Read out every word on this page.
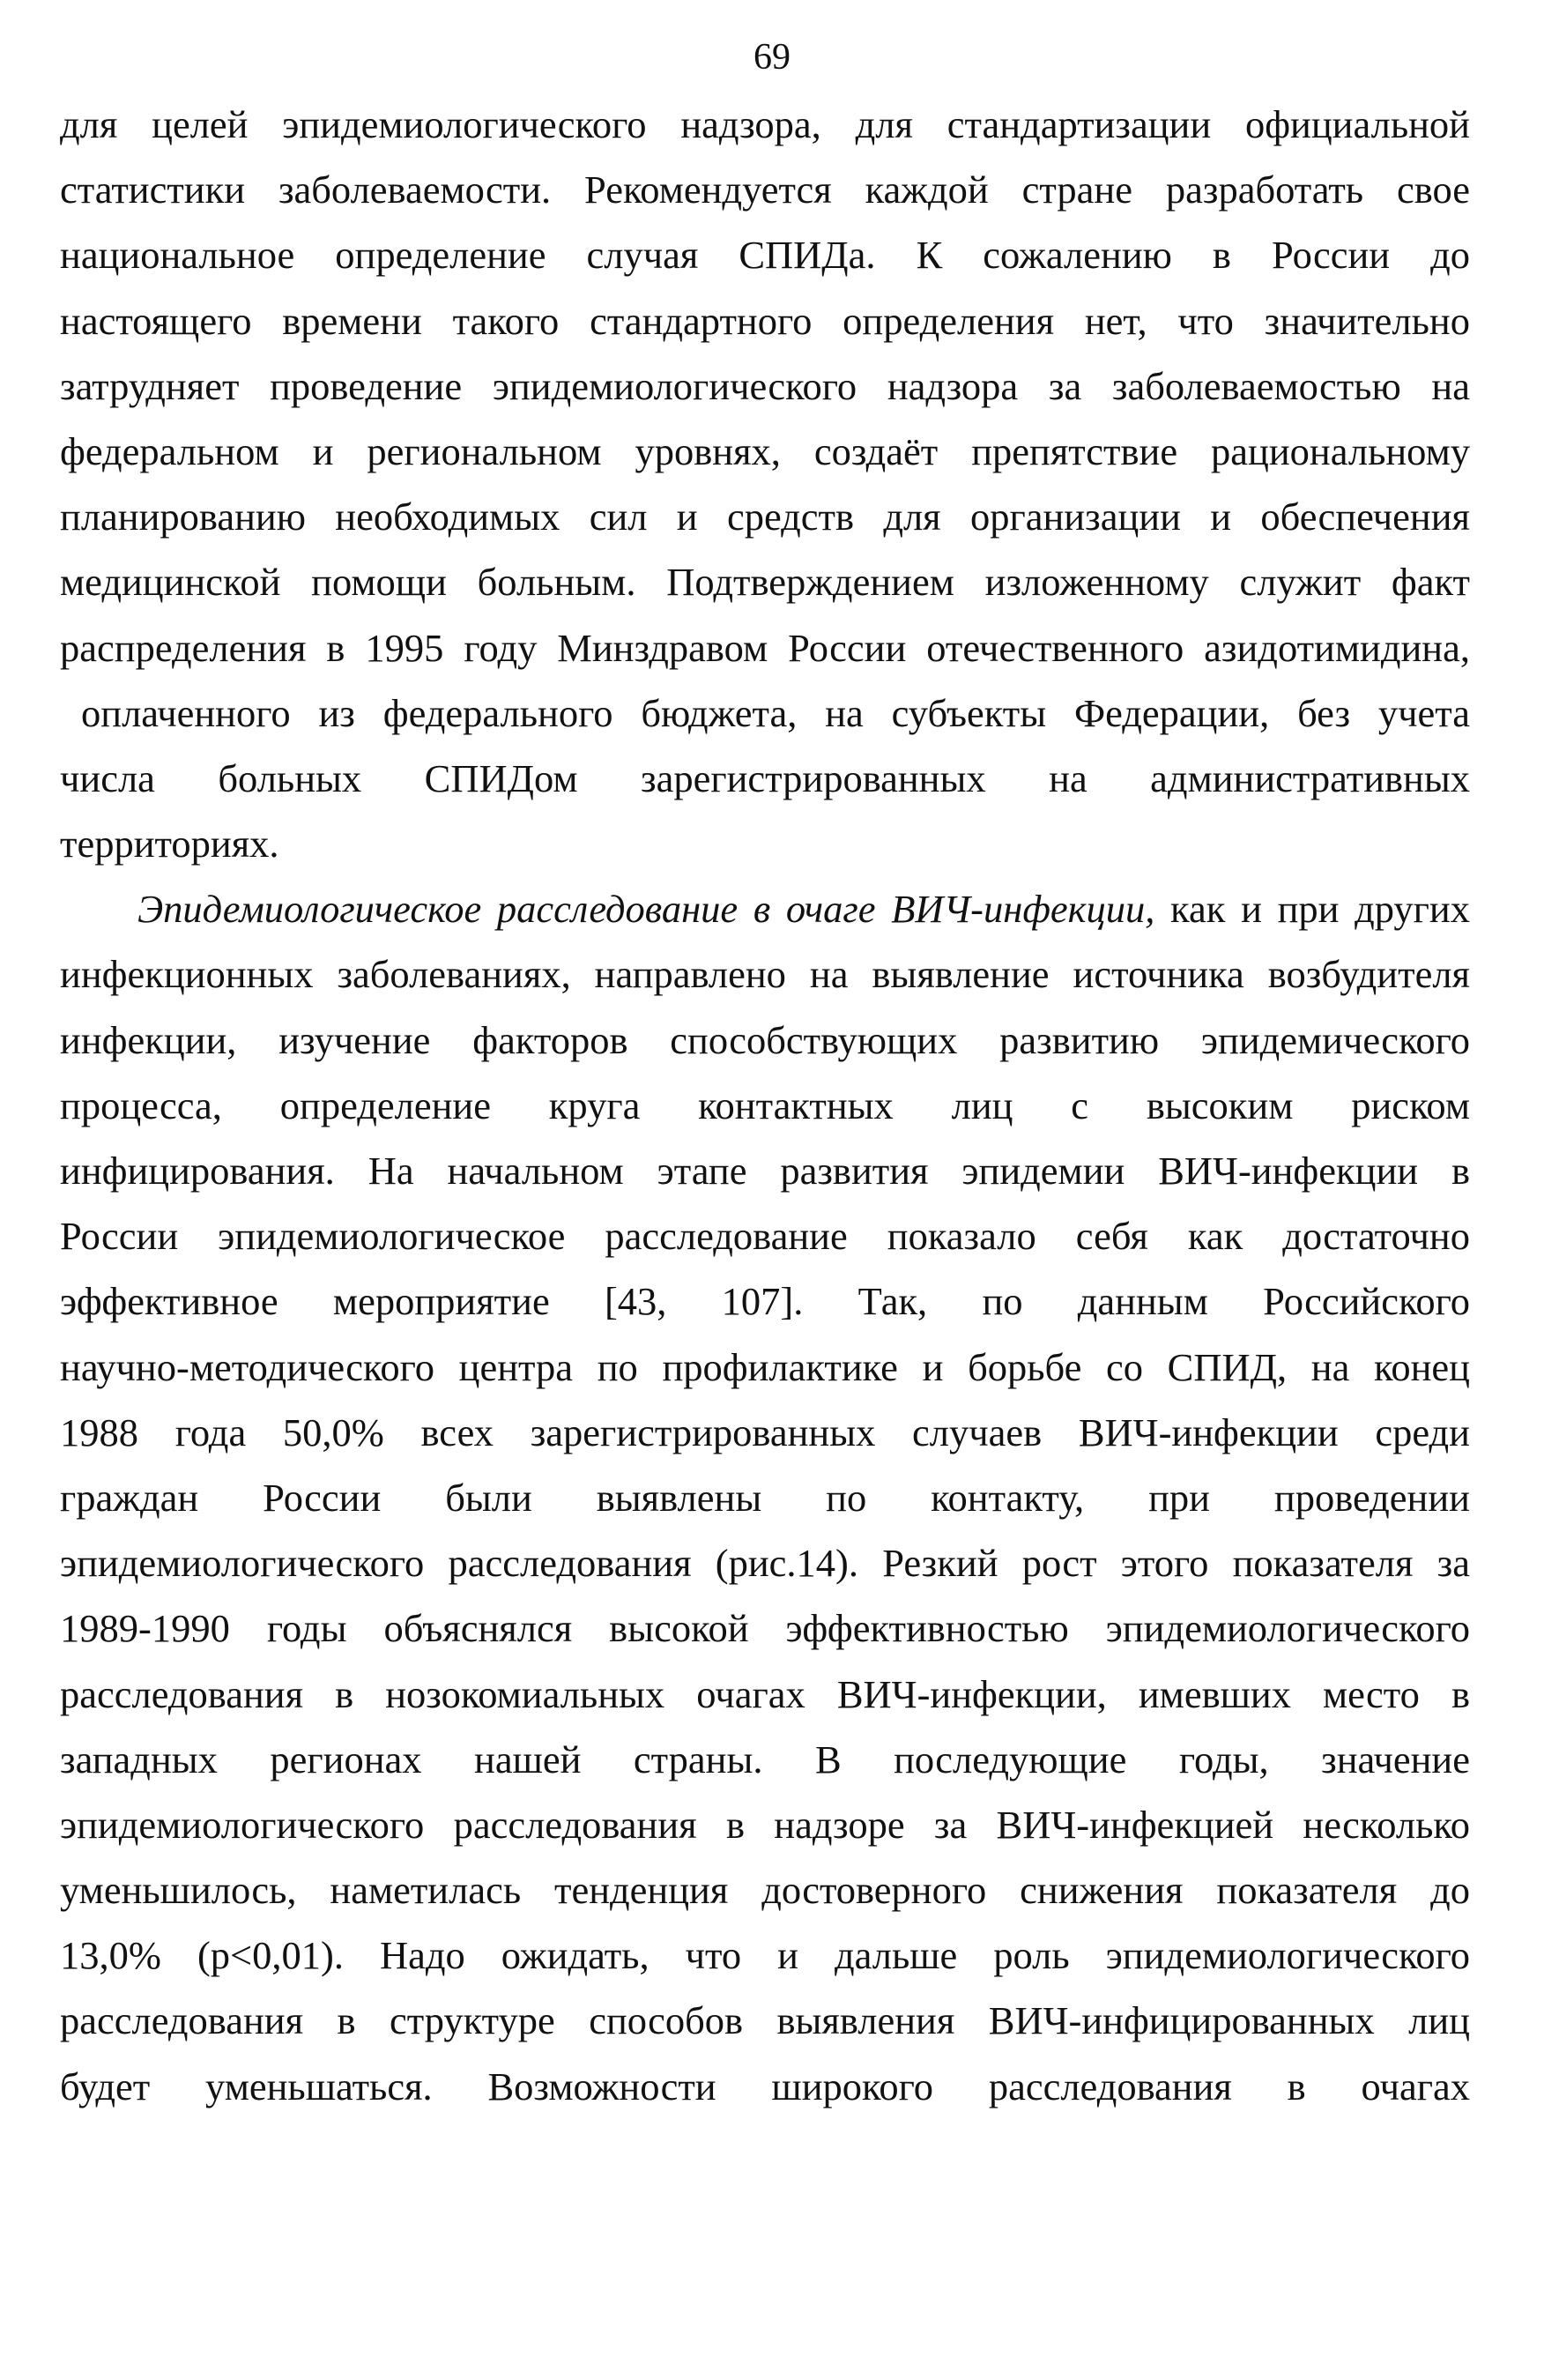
69
для целей эпидемиологического надзора, для стандартизации официальной
статистики заболеваемости. Рекомендуется каждой стране разработать свое
национальное определение случая СПИДа. К сожалению в России до
настоящего времени такого стандартного определения нет, что значительно
затрудняет проведение эпидемиологического надзора за заболеваемостью на
федеральном и региональном уровнях, создаёт препятствие рациональному
планированию необходимых сил и средств для организации и обеспечения
медицинской помощи больным. Подтверждением изложенному служит факт
распределения в 1995 году Минздравом России отечественного азидотимидина,
оплаченного из федерального бюджета, на субъекты Федерации, без учета
числа больных СПИДом зарегистрированных на административных
территориях.
Эпидемиологическое расследование в очаге ВИЧ-инфекции, как и при других
инфекционных заболеваниях, направлено на выявление источника возбудителя
инфекции, изучение факторов способствующих развитию эпидемического
процесса, определение круга контактных лиц с высоким риском
инфицирования. На начальном этапе развития эпидемии ВИЧ-инфекции в
России эпидемиологическое расследование показало себя как достаточно
эффективное мероприятие [43, 107]. Так, по данным Российского
научно-методического центра по профилактике и борьбе со СПИД, на конец
1988 года 50,0% всех зарегистрированных случаев ВИЧ-инфекции среди
граждан России были выявлены по контакту, при проведении
эпидемиологического расследования (рис.14). Резкий рост этого показателя за
1989-1990 годы объяснялся высокой эффективностью эпидемиологического
расследования в нозокомиальных очагах ВИЧ-инфекции, имевших место в
западных регионах нашей страны. В последующие годы, значение
эпидемиологического расследования в надзоре за ВИЧ-инфекцией несколько
уменьшилось, наметилась тенденция достоверного снижения показателя до
13,0% (р<0,01). Надо ожидать, что и дальше роль эпидемиологического
расследования в структуре способов выявления ВИЧ-инфицированных лиц
будет уменьшаться. Возможности широкого расследования в очагах
